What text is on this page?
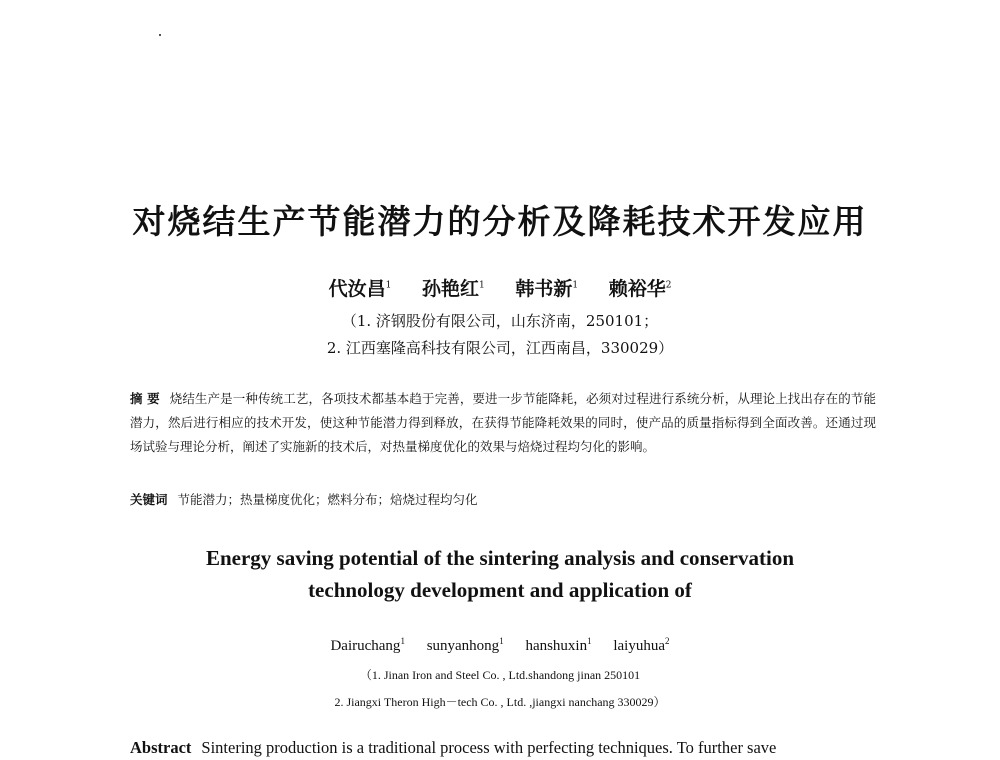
对烧结生产节能潜力的分析及降耗技术开发应用
代汝昌$^1$ 孙艳红$^1$ 韩书新$^1$ 赖裕华$^2$
（1. 济钢股份有限公司，山东济南，250101；
2. 江西塞隆高科技有限公司，江西南昌，330029）
摘 要 烧结生产是一种传统工艺，各项技术都基本趋于完善，要进一步节能降耗，必须对过程进行系统分析，从理论上找出存在的节能潜力，然后进行相应的技术开发，使这种节能潜力得到释放，在获得节能降耗效果的同时，使产品的质量指标得到全面改善。还通过现场试验与理论分析，阐述了实施新的技术后，对热量梯度优化的效果与焙烧过程均匀化的影响。
关键词 节能潜力；热量梯度优化；燃料分布；焙烧过程均匀化
Energy saving potential of the sintering analysis and conservation
technology development and application of
Dairuchang$^1$ sunyanhong$^1$ hanshuxin$^1$ laiyuhua$^2$
（1. Jinan Iron and Steel Co. , Ltd.shandong jinan 250101
2. Jiangxi Theron High－tech Co. , Ltd. ,jiangxi nanchang 330029）
Abstract Sintering production is a traditional process with perfecting techniques. To further save
